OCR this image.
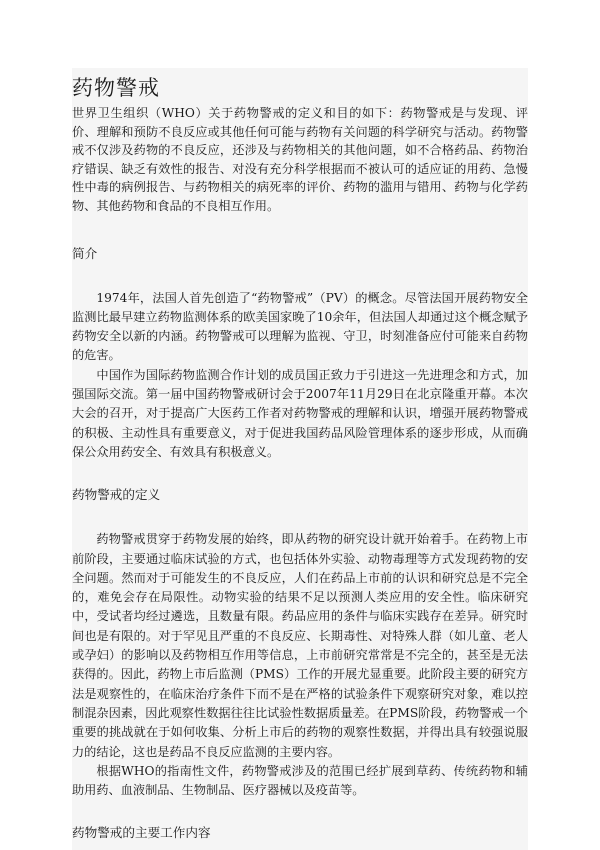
药物警戒

世界卫生组织（WHO）关于药物警戒的定义和目的如下：药物警戒是与发现、评价、理解和预防不良反应或其他任何可能与药物有关问题的科学研究与活动。药物警戒不仅涉及药物的不良反应，还涉及与药物相关的其他问题，如不合格药品、药物治疗错误、缺乏有效性的报告、对没有充分科学根据而不被认可的适应证的用药、急慢性中毒的病例报告、与药物相关的病死率的评价、药物的滥用与错用、药物与化学药物、其他药物和食品的不良相互作用。

简介

1974年，法国人首先创造了“药物警戒”（PV）的概念。尽管法国开展药物安全监测比最早建立药物监测体系的欧美国家晚了10余年，但法国人却通过这个概念赋予药物安全以新的内涵。药物警戒可以理解为监视、守卫，时刻准备应付可能来自药物的危害。

中国作为国际药物监测合作计划的成员国正致力于引进这一先进理念和方式，加强国际交流。第一届中国药物警戒研讨会于2007年11月29日在北京隆重开幕。本次大会的召开，对于提高广大医药工作者对药物警戒的理解和认识，增强开展药物警戒的积极、主动性具有重要意义，对于促进我国药品风险管理体系的逐步形成，从而确保公众用药安全、有效具有积极意义。

药物警戒的定义

药物警戒贯穿于药物发展的始终，即从药物的研究设计就开始着手。在药物上市前阶段，主要通过临床试验的方式，也包括体外实验、动物毒理等方式发现药物的安全问题。然而对于可能发生的不良反应，人们在药品上市前的认识和研究总是不完全的，难免会存在局限性。动物实验的结果不足以预测人类应用的安全性。临床研究中，受试者均经过遴选，且数量有限。药品应用的条件与临床实践存在差异。研究时间也是有限的。对于罕见且严重的不良反应、长期毒性、对特殊人群（如儿童、老人或孕妇）的影响以及药物相互作用等信息，上市前研究常常是不完全的，甚至是无法获得的。因此，药物上市后监测（PMS）工作的开展尤显重要。此阶段主要的研究方法是观察性的，在临床治疗条件下而不是在严格的试验条件下观察研究对象，难以控制混杂因素，因此观察性数据往往比试验性数据质量差。在PMS阶段，药物警戒一个重要的挑战就在于如何收集、分析上市后的药物的观察性数据，并得出具有较强说服力的结论，这也是药品不良反应监测的主要内容。

根据WHO的指南性文件，药物警戒涉及的范围已经扩展到草药、传统药物和辅助用药、血液制品、生物制品、医疗器械以及疫苗等。

药物警戒的主要工作内容
